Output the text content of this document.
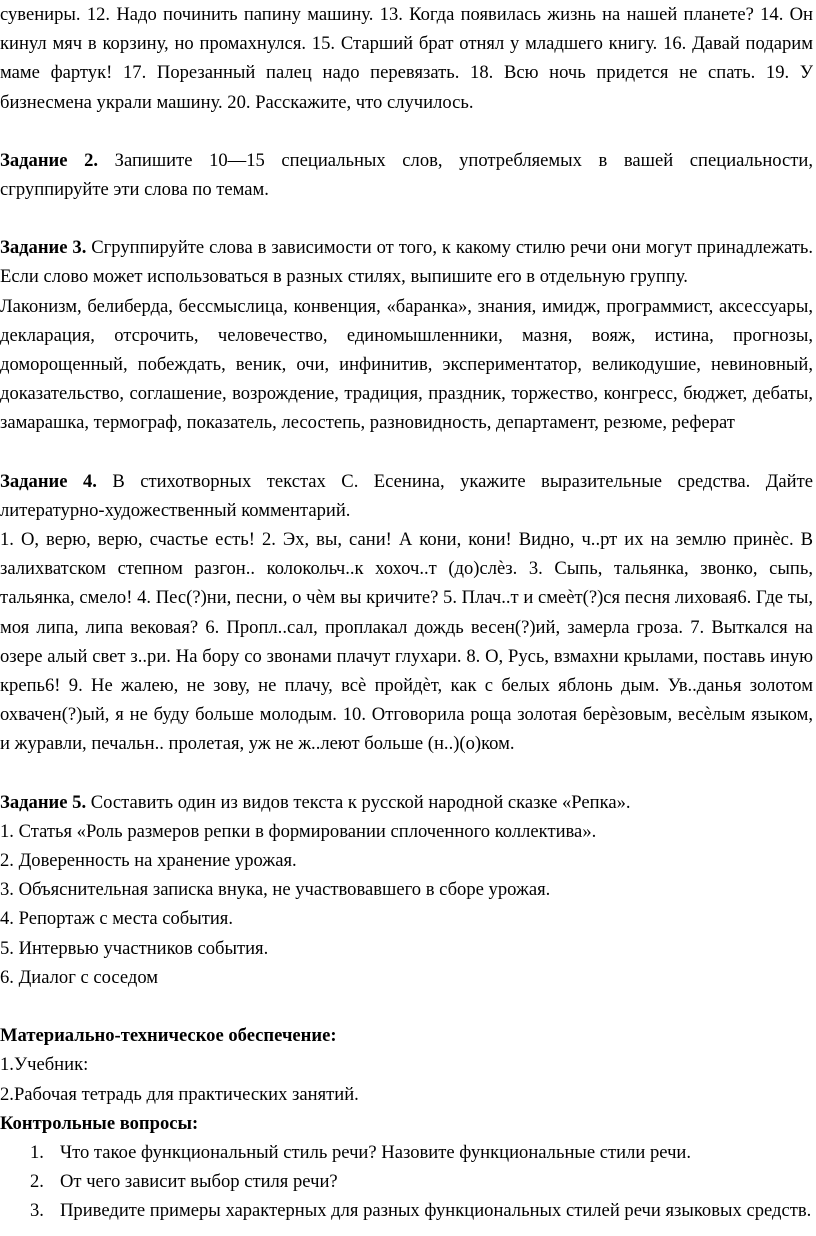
сувениры. 12. Надо починить папину машину. 13. Когда появилась жизнь на нашей планете? 14. Он кинул мяч в корзину, но промахнулся. 15. Старший брат отнял у младшего книгу. 16. Давай подарим маме фартук! 17. Порезанный палец надо перевязать. 18. Всю ночь придется не спать. 19. У бизнесмена украли машину. 20. Расскажите, что случилось.

Задание 2. Запишите 10—15 специальных слов, употребляемых в вашей специальности, сгруппируйте эти слова по темам.

Задание 3. Сгруппируйте слова в зависимости от того, к какому стилю речи они могут принадлежать. Если слово может использоваться в разных стилях, выпишите его в отдельную группу.

Лаконизм, белиберда, бессмыслица, конвенция, «баранка», знания, имидж, программист, аксессуары, декларация, отсрочить, человечество, единомышленники, мазня, вояж, истина, прогнозы, доморощенный, побеждать, веник, очи, инфинитив, экспериментатор, великодушие, невиновный, доказательство, соглашение, возрождение, традиция, праздник, торжество, конгресс, бюджет, дебаты, замарашка, термограф, показатель, лесостепь, разновидность, департамент, резюме, реферат

Задание 4. В стихотворных текстах С. Есенина, укажите выразительные средства. Дайте литературно-художественный комментарий.

1. О, верю, верю, счастье есть! 2. Эх, вы, сани! А кони, кони! Видно, ч..рт их на землю принѐс. В залихватском степном разгон.. колокольч..к хохоч..т (до)слѐз. 3. Сыпь, тальянка, звонко, сыпь, тальянка, смело! 4. Пес(?)ни, песни, о чѐм вы кричите? 5. Плач..т и смеѐт(?)ся песня лиховая6. Где ты, моя липа, липа вековая? 6. Пропл..сал, проплакал дождь весен(?)ий, замерла гроза. 7. Выткался на озере алый свет з..ри. На бору со звонами плачут глухари. 8. О, Русь, взмахни крылами, поставь иную крепь6! 9. Не жалею, не зову, не плачу, всѐ пройдѐт, как с белых яблонь дым. Ув..данья золотом охвачен(?)ый, я не буду больше молодым. 10. Отговорила роща золотая берѐзовым, весѐлым языком, и журавли, печальн.. пролетая, уж не ж..леют больше (н..)(о)ком.

Задание 5. Составить один из видов текста к русской народной сказке «Репка».

1. Статья «Роль размеров репки в формировании сплоченного коллектива».

2. Доверенность на хранение урожая.

3. Объяснительная записка внука, не участвовавшего в сборе урожая.

4. Репортаж с места события.

5. Интервью участников события.

6. Диалог с соседом

Материально-техническое обеспечение:

1.Учебник:

2.Рабочая тетрадь для практических занятий.

Контрольные вопросы:

1. Что такое функциональный стиль речи? Назовите функциональные стили речи.
2. От чего зависит выбор стиля речи?
3. Приведите примеры характерных для разных функциональных стилей речи языковых средств.
